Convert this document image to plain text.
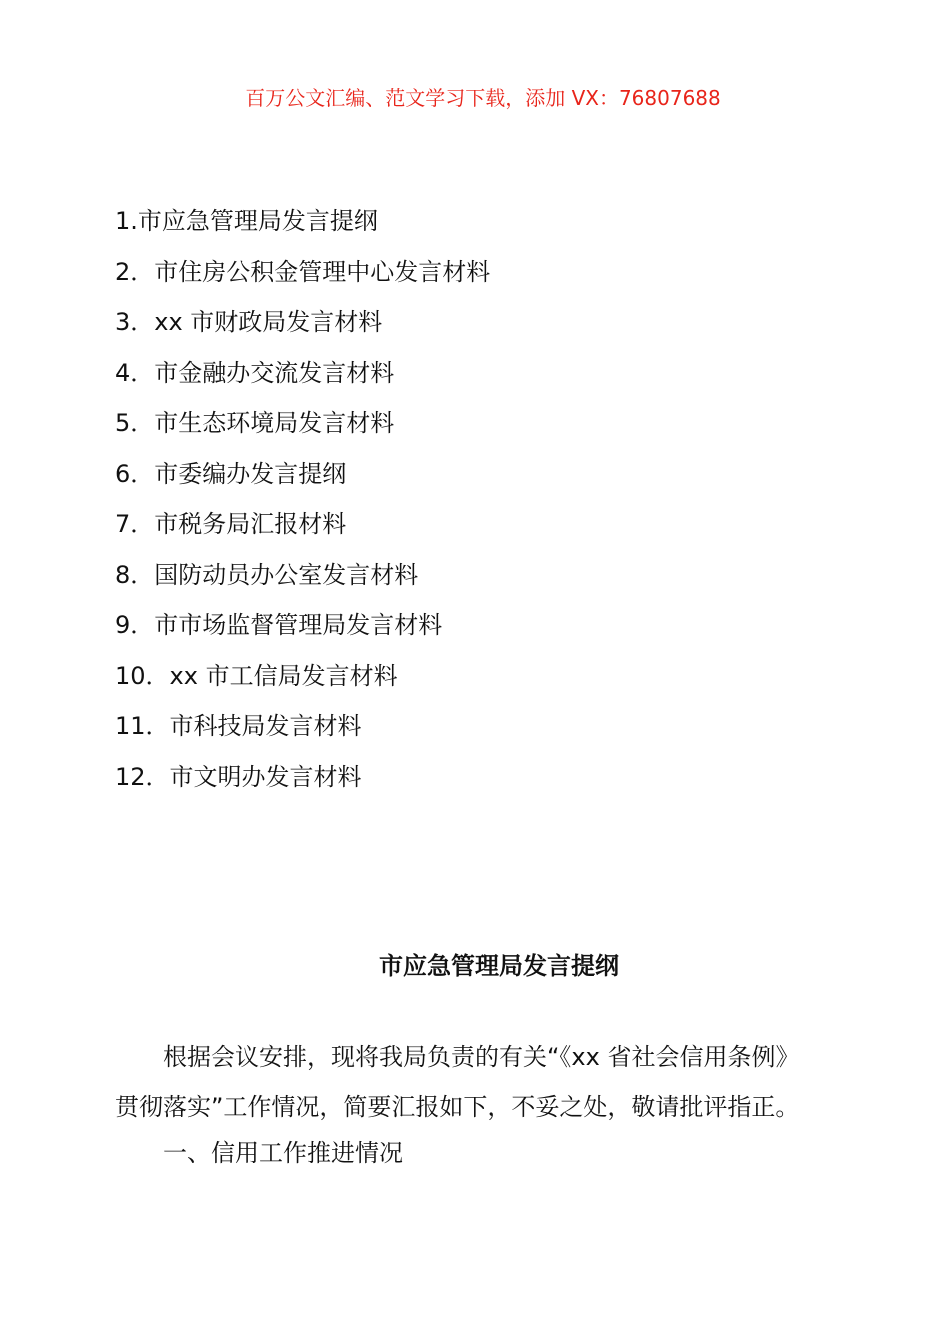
百万公文汇编、范文学习下载，添加 VX：76807688
1.市应急管理局发言提纲
2．市住房公积金管理中心发言材料
3．xx 市财政局发言材料
4．市金融办交流发言材料
5．市生态环境局发言材料
6．市委编办发言提纲
7．市税务局汇报材料
8．国防动员办公室发言材料
9．市市场监督管理局发言材料
10．xx 市工信局发言材料
11．市科技局发言材料
12．市文明办发言材料
市应急管理局发言提纲

根据会议安排，现将我局负责的有关“《xx 省社会信用条例》
贯彻落实”工作情况，简要汇报如下，不妥之处，敬请批评指正。

一、信用工作推进情况
